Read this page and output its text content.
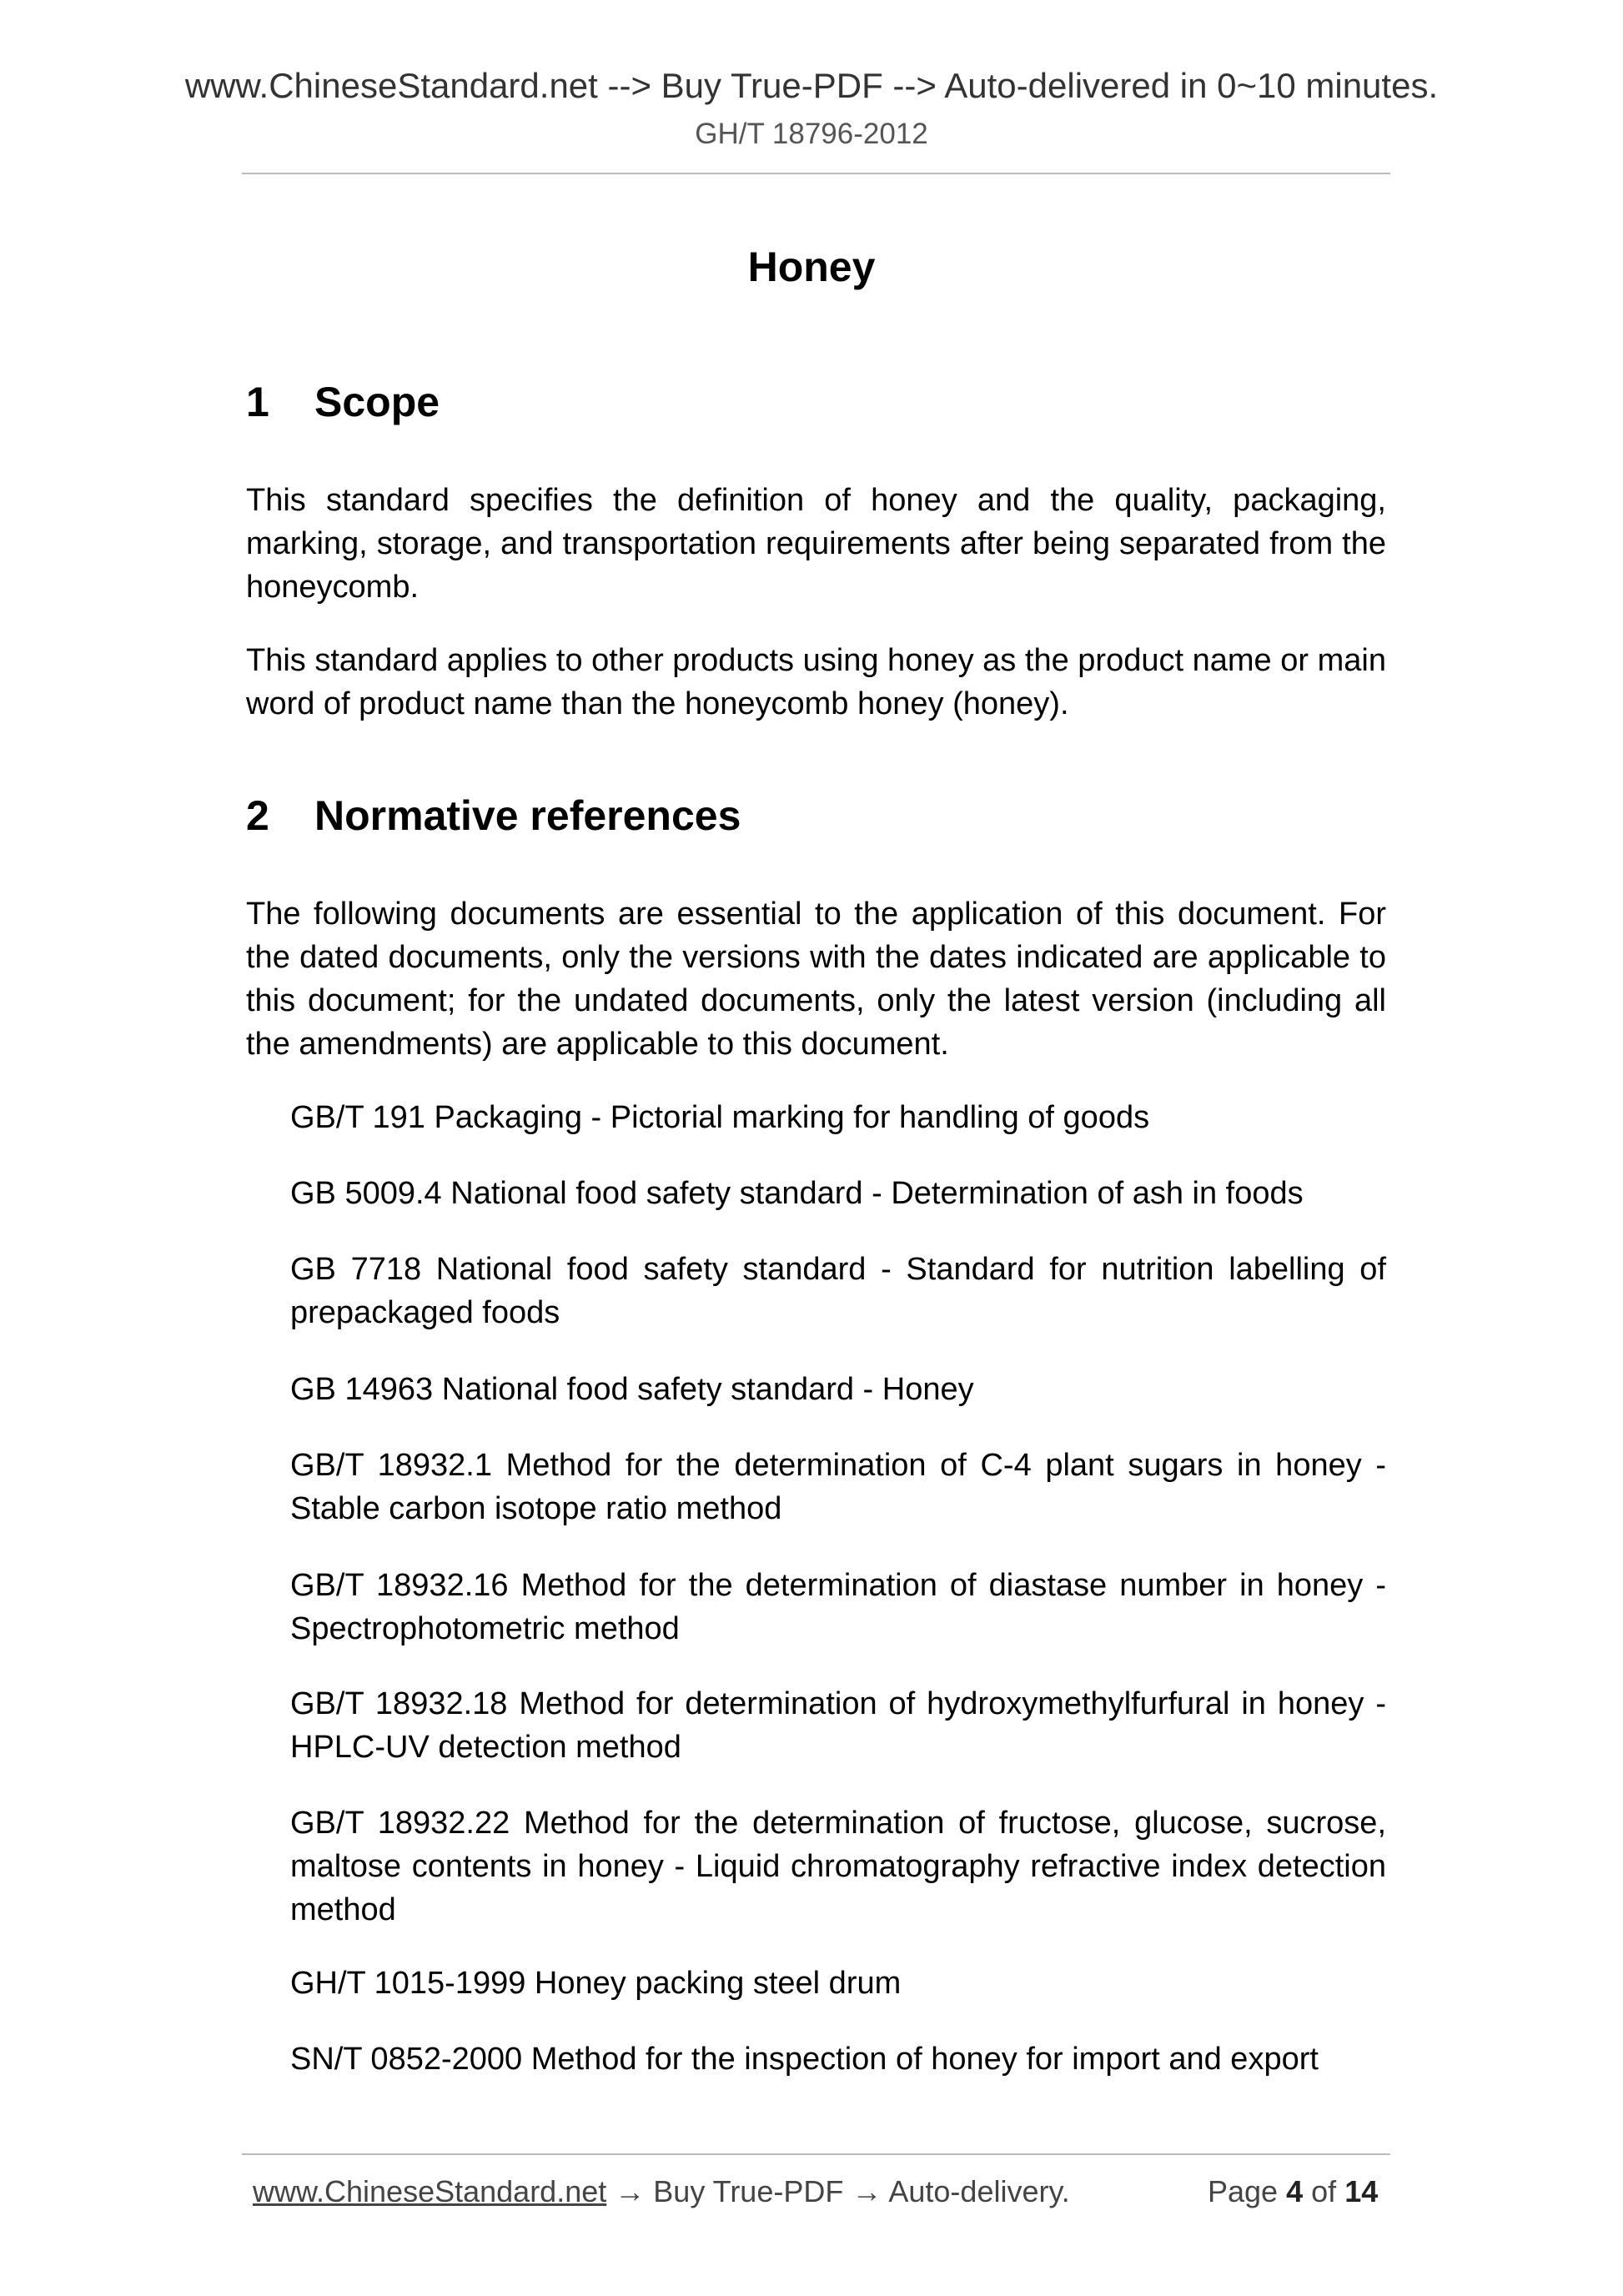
www.ChineseStandard.net --> Buy True-PDF --> Auto-delivered in 0~10 minutes.
GH/T 18796-2012
Honey
1 Scope
This standard specifies the definition of honey and the quality, packaging, marking, storage, and transportation requirements after being separated from the honeycomb.
This standard applies to other products using honey as the product name or main word of product name than the honeycomb honey (honey).
2 Normative references
The following documents are essential to the application of this document. For the dated documents, only the versions with the dates indicated are applicable to this document; for the undated documents, only the latest version (including all the amendments) are applicable to this document.
GB/T 191 Packaging - Pictorial marking for handling of goods
GB 5009.4 National food safety standard - Determination of ash in foods
GB 7718 National food safety standard - Standard for nutrition labelling of prepackaged foods
GB 14963 National food safety standard - Honey
GB/T 18932.1 Method for the determination of C-4 plant sugars in honey - Stable carbon isotope ratio method
GB/T 18932.16 Method for the determination of diastase number in honey - Spectrophotometric method
GB/T 18932.18 Method for determination of hydroxymethylfurfural in honey - HPLC-UV detection method
GB/T 18932.22 Method for the determination of fructose, glucose, sucrose, maltose contents in honey - Liquid chromatography refractive index detection method
GH/T 1015-1999 Honey packing steel drum
SN/T 0852-2000 Method for the inspection of honey for import and export
www.ChineseStandard.net → Buy True-PDF → Auto-delivery.	Page 4 of 14
